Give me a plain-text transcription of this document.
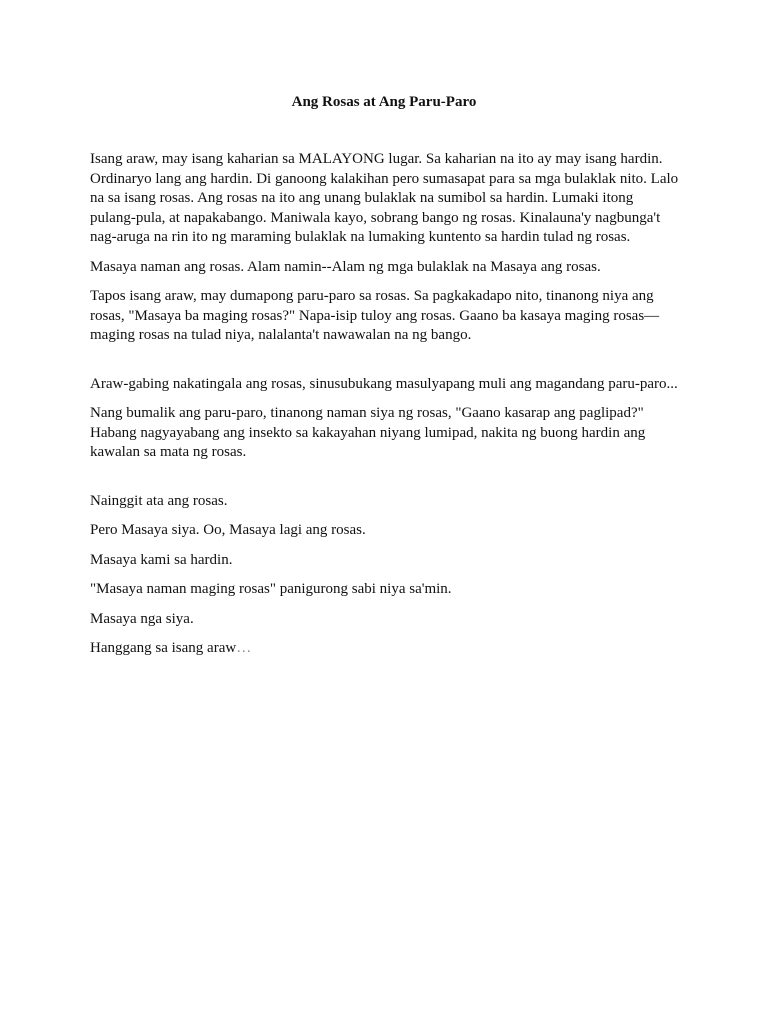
Ang Rosas at Ang Paru-Paro

Isang araw, may isang kaharian sa MALAYONG lugar. Sa kaharian na ito ay may isang hardin. Ordinaryo lang ang hardin. Di ganoong kalakihan pero sumasapat para sa mga bulaklak nito. Lalo na sa isang rosas. Ang rosas na ito ang unang bulaklak na sumibol sa hardin. Lumaki itong pulang-pula, at napakabango. Maniwala kayo, sobrang bango ng rosas. Kinalauna'y nagbunga't nag-aruga na rin ito ng maraming bulaklak na lumaking kuntento sa hardin tulad ng rosas.

Masaya naman ang rosas. Alam namin--Alam ng mga bulaklak na Masaya ang rosas.

Tapos isang araw, may dumapong paru-paro sa rosas. Sa pagkakadapo nito, tinanong niya ang rosas, "Masaya ba maging rosas?" Napa-isip tuloy ang rosas. Gaano ba kasaya maging rosas—maging rosas na tulad niya, nalalanta't nawawalan na ng bango.

Araw-gabing nakatingala ang rosas, sinusubukang masulyapang muli ang magandang paru-paro...

Nang bumalik ang paru-paro, tinanong naman siya ng rosas, "Gaano kasarap ang paglipad?" Habang nagyayabang ang insekto sa kakayahan niyang lumipad, nakita ng buong hardin ang kawalan sa mata ng rosas.

Nainggit ata ang rosas.

Pero Masaya siya. Oo, Masaya lagi ang rosas.

Masaya kami sa hardin.

"Masaya naman maging rosas" panigurong sabi niya sa'min.

Masaya nga siya.

Hanggang sa isang araw…
